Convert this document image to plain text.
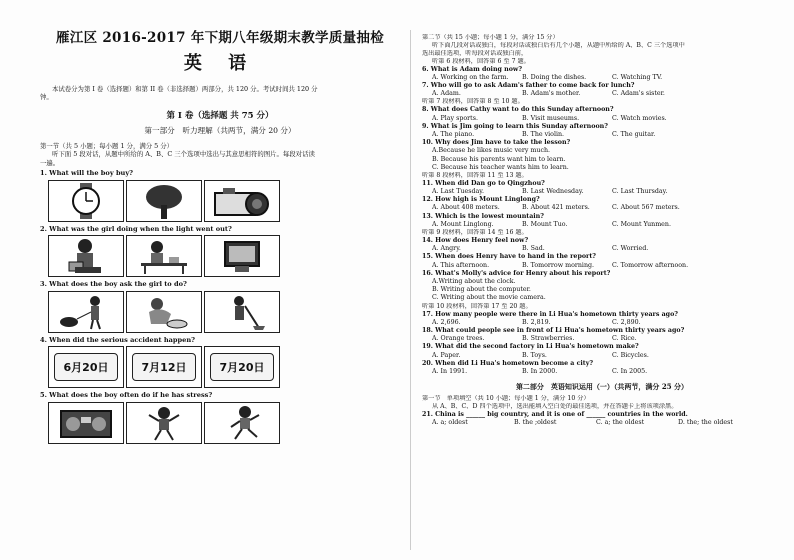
雁江区 2016-2017 年下期八年级期末教学质量抽检

英 语

本试卷分为第 I 卷（选择题）和第 II 卷（非选择题）两部分，共 120 分。考试时间共 120 分

钟。

第 I 卷（选择题 共 75 分）

第一部分　听力理解（共两节，满分 20 分）

第一节（共 5 小题；每小题 1 分，满分 5 分）

听下面 5 段对话，从题中所给的 A、B、C 三个选项中选出与其意思相符的图片。每段对话读

一遍。

1. What will the boy buy?

2. What was the girl doing when the light went out?

3. What does the boy ask the girl to do?

4. When did the serious accident happen?

6月20日	7月12日	7月20日

5. What does the boy often do if he has stress?

第二节（共 15 小题；每小题 1 分，满分 15 分）

听下面几段对话或独白，每段对话或独白后有几个小题，从题中所给的 A、B、C 三个选项中

选出最佳选项，听每段对话或独白前，

听第 6 段材料，回答第 6 至 7 题。

6. What is Adam doing now?

A. Working on the farm.	B. Doing the dishes.	C. Watching TV.

7. Who will go to ask Adam's father to come back for lunch?

A. Adam.	B. Adam's mother.	C. Adam's sister.

听第 7 段材料，回答第 8 至 10 题。

8. What does Cathy want to do this Sunday afternoon?

A. Play sports.	B. Visit museums.	C. Watch movies.

9. What is Jim going to learn this Sunday afternoon?

A. The piano.	B. The violin.	C. The guitar.

10. Why does Jim have to take the lesson?

A.Because he likes music very much.
B. Because his parents want him to learn.
C. Because his teacher wants him to learn.

听第 8 段材料，回答第 11 至 13 题。

11. When did Dan go to Qingzhou?

A. Last Tuesday.	B. Last Wednesday.	C. Last Thursday.

12. How high is Mount Linglong?

A. About 408 meters.	B. About 421 meters.	C. About 567 meters.

13. Which is the lowest mountain?

A. Mount Linglong.	B. Mount Tuo.	C. Mount Yunmen.

听第 9 段材料，回答第 14 至 16 题。

14. How does Henry feel now?

A. Angry.	B. Sad.	C. Worried.

15. When does Henry have to hand in the report?

A. This afternoon.	B. Tomorrow morning.	C. Tomorrow afternoon.

16. What's Molly's advice for Henry about his report?

A.Writing about the clock.
B. Writing about the computer.
C. Writing about the movie camera.

听第 10 段材料，回答第 17 至 20 题。

17. How many people were there in Li Hua's hometown thirty years ago?

A. 2,696.	B. 2,819.	C. 2,890.

18. What could people see in front of Li Hua's hometown thirty years ago?

A. Orange trees.	B. Strawberries.	C. Rice.

19. What did the second factory in Li Hua's hometown make?

A. Paper.	B. Toys.	C. Bicycles.

20. When did Li Hua's hometown become a city?

A. In 1991.	B. In 2000.	C. In 2005.

第二部分　英语知识运用（一）（共两节，满分 25 分）

第一节　单项填空（共 10 小题；每小题 1 分，满分 10 分）

从 A、B、C、D 四个选项中，选出能填入空白处的最佳选项，并在答题卡上将该项涂黑。

21. China is ______ big country, and it is one of ______ countries in the world.

A. a; oldest	B. the ;oldest	C. a; the oldest	D. the; the oldest
